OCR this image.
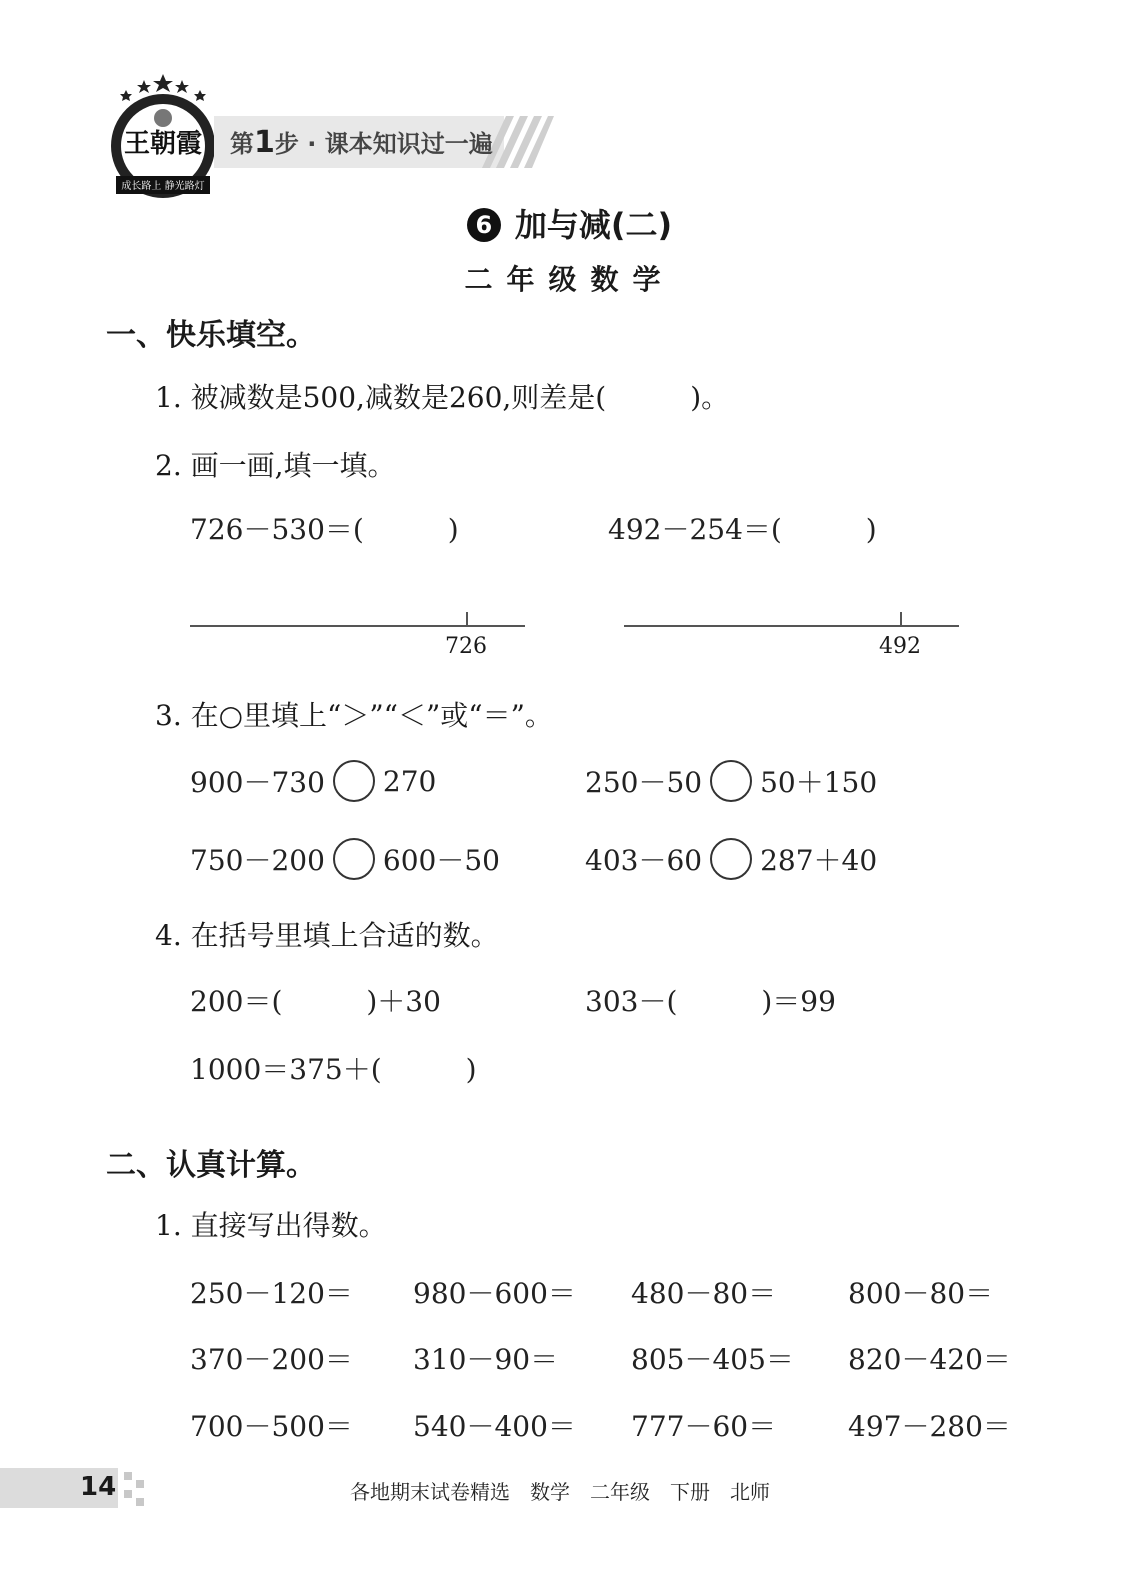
王朝霞
成长路上 静光路灯
第1步 · 课本知识过一遍
6 加与减(二)
二年级数学
一、快乐填空。
1. 被减数是500,减数是260,则差是(　　　)。
2. 画一画,填一填。
726－530＝(　　　)	492－254＝(　　　)
726	492
3. 在○里填上“＞”“＜”或“＝”。
900－730 270	250－50 50＋150
750－200 600－50	403－60 287＋40
4. 在括号里填上合适的数。
200＝(　　　)＋30	303－(　　　)＝99
1000＝375＋(　　　)
二、认真计算。
1. 直接写出得数。
250－120＝ 980－600＝ 480－80＝	800－80＝
370－200＝ 310－90＝	805－405＝ 820－420＝
700－500＝ 540－400＝ 777－60＝	497－280＝
14	各地期末试卷精选　数学　二年级　下册　北师
